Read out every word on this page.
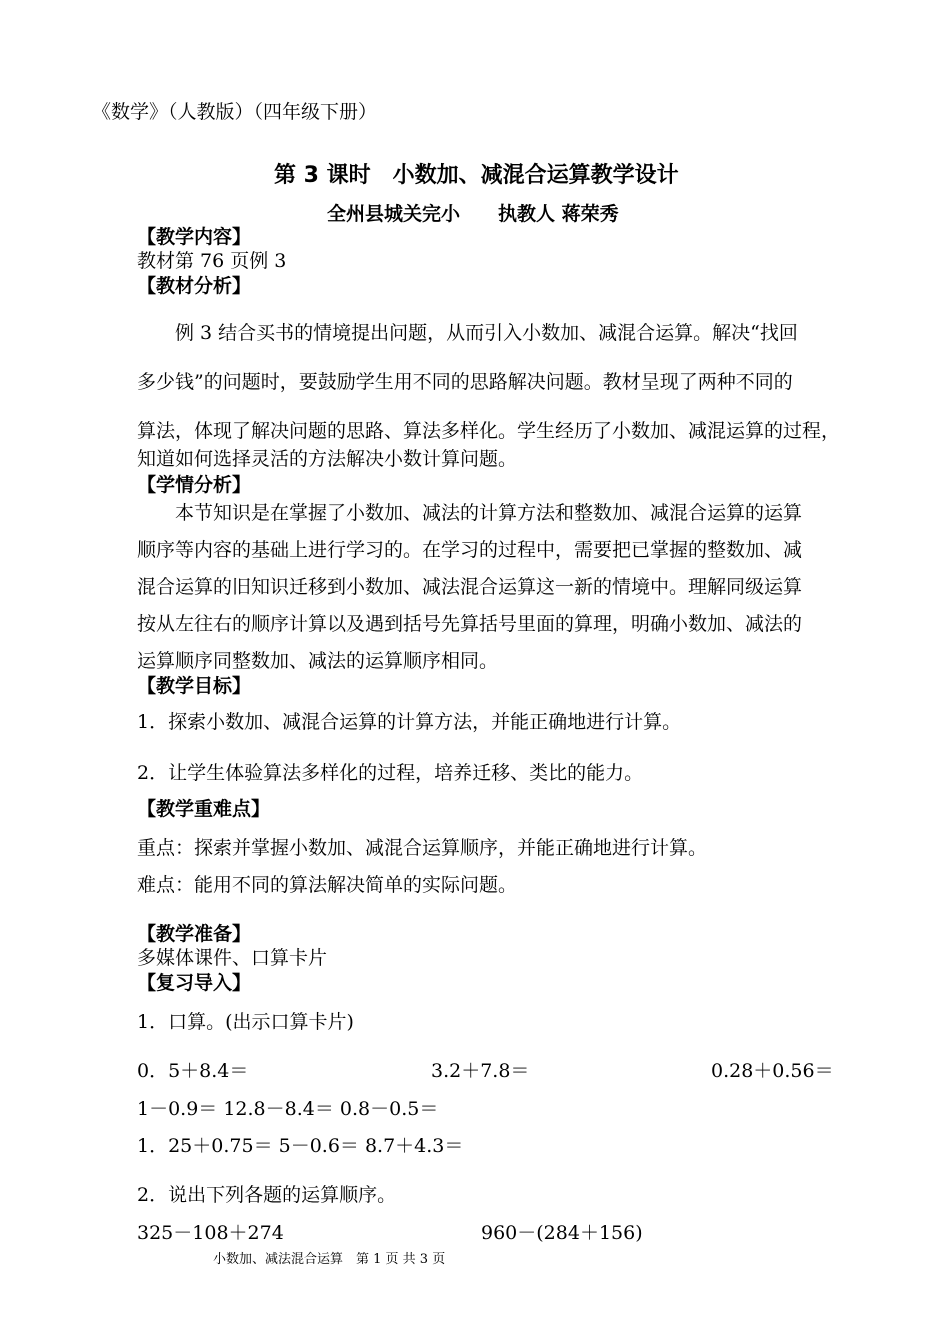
《数学》（人教版）（四年级下册）
第 3 课时　小数加、减混合运算教学设计
全州县城关完小　　执教人 蒋荣秀
【教学内容】
教材第 76 页例 3
【教材分析】
　　例 3 结合买书的情境提出问题，从而引入小数加、减混合运算。解决“找回
多少钱”的问题时，要鼓励学生用不同的思路解决问题。教材呈现了两种不同的
算法，体现了解决问题的思路、算法多样化。学生经历了小数加、减混运算的过程，
知道如何选择灵活的方法解决小数计算问题。
【学情分析】
　　本节知识是在掌握了小数加、减法的计算方法和整数加、减混合运算的运算
顺序等内容的基础上进行学习的。在学习的过程中，需要把已掌握的整数加、减
混合运算的旧知识迁移到小数加、减法混合运算这一新的情境中。理解同级运算
按从左往右的顺序计算以及遇到括号先算括号里面的算理，明确小数加、减法的
运算顺序同整数加、减法的运算顺序相同。
【教学目标】
1．探索小数加、减混合运算的计算方法，并能正确地进行计算。
2．让学生体验算法多样化的过程，培养迁移、类比的能力。
【教学重难点】
重点：探索并掌握小数加、减混合运算顺序，并能正确地进行计算。
难点：能用不同的算法解决简单的实际问题。
【教学准备】
多媒体课件、口算卡片
【复习导入】
1．口算。(出示口算卡片)
0．5＋8.4＝	3.2＋7.8＝	0.28＋0.56＝
1－0.9＝ 12.8－8.4＝ 0.8－0.5＝
1．25＋0.75＝ 5－0.6＝ 8.7＋4.3＝
2．说出下列各题的运算顺序。
325－108＋274	960－(284＋156)
小数加、减法混合运算　第 1 页 共 3 页
